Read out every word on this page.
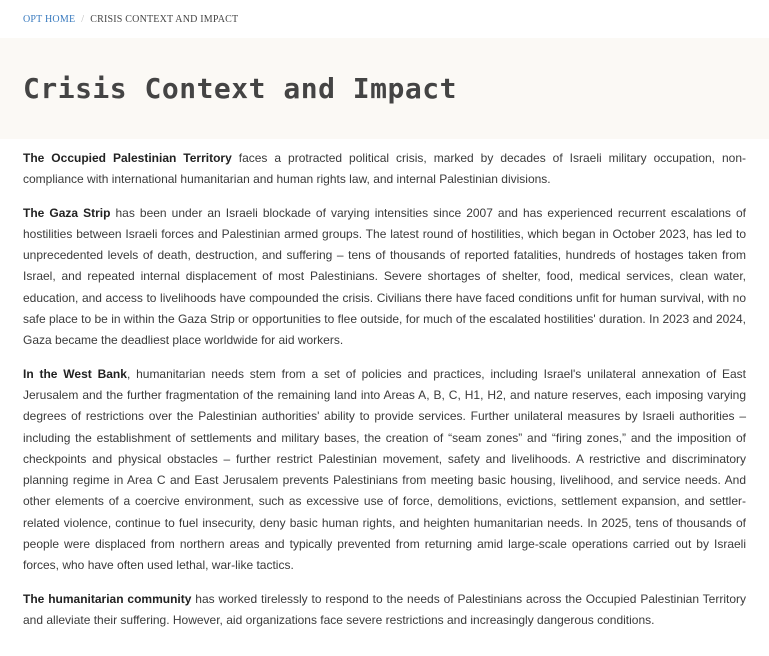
OPT HOME / CRISIS CONTEXT AND IMPACT
Crisis Context and Impact

The Occupied Palestinian Territory faces a protracted political crisis, marked by decades of Israeli military occupation, non-compliance with international humanitarian and human rights law, and internal Palestinian divisions.

The Gaza Strip has been under an Israeli blockade of varying intensities since 2007 and has experienced recurrent escalations of hostilities between Israeli forces and Palestinian armed groups. The latest round of hostilities, which began in October 2023, has led to unprecedented levels of death, destruction, and suffering – tens of thousands of reported fatalities, hundreds of hostages taken from Israel, and repeated internal displacement of most Palestinians. Severe shortages of shelter, food, medical services, clean water, education, and access to livelihoods have compounded the crisis. Civilians there have faced conditions unfit for human survival, with no safe place to be in within the Gaza Strip or opportunities to flee outside, for much of the escalated hostilities' duration. In 2023 and 2024, Gaza became the deadliest place worldwide for aid workers.

In the West Bank, humanitarian needs stem from a set of policies and practices, including Israel's unilateral annexation of East Jerusalem and the further fragmentation of the remaining land into Areas A, B, C, H1, H2, and nature reserves, each imposing varying degrees of restrictions over the Palestinian authorities' ability to provide services. Further unilateral measures by Israeli authorities – including the establishment of settlements and military bases, the creation of “seam zones” and “firing zones,” and the imposition of checkpoints and physical obstacles – further restrict Palestinian movement, safety and livelihoods. A restrictive and discriminatory planning regime in Area C and East Jerusalem prevents Palestinians from meeting basic housing, livelihood, and service needs. And other elements of a coercive environment, such as excessive use of force, demolitions, evictions, settlement expansion, and settler-related violence, continue to fuel insecurity, deny basic human rights, and heighten humanitarian needs. In 2025, tens of thousands of people were displaced from northern areas and typically prevented from returning amid large-scale operations carried out by Israeli forces, who have often used lethal, war-like tactics.

The humanitarian community has worked tirelessly to respond to the needs of Palestinians across the Occupied Palestinian Territory and alleviate their suffering. However, aid organizations face severe restrictions and increasingly dangerous conditions.
